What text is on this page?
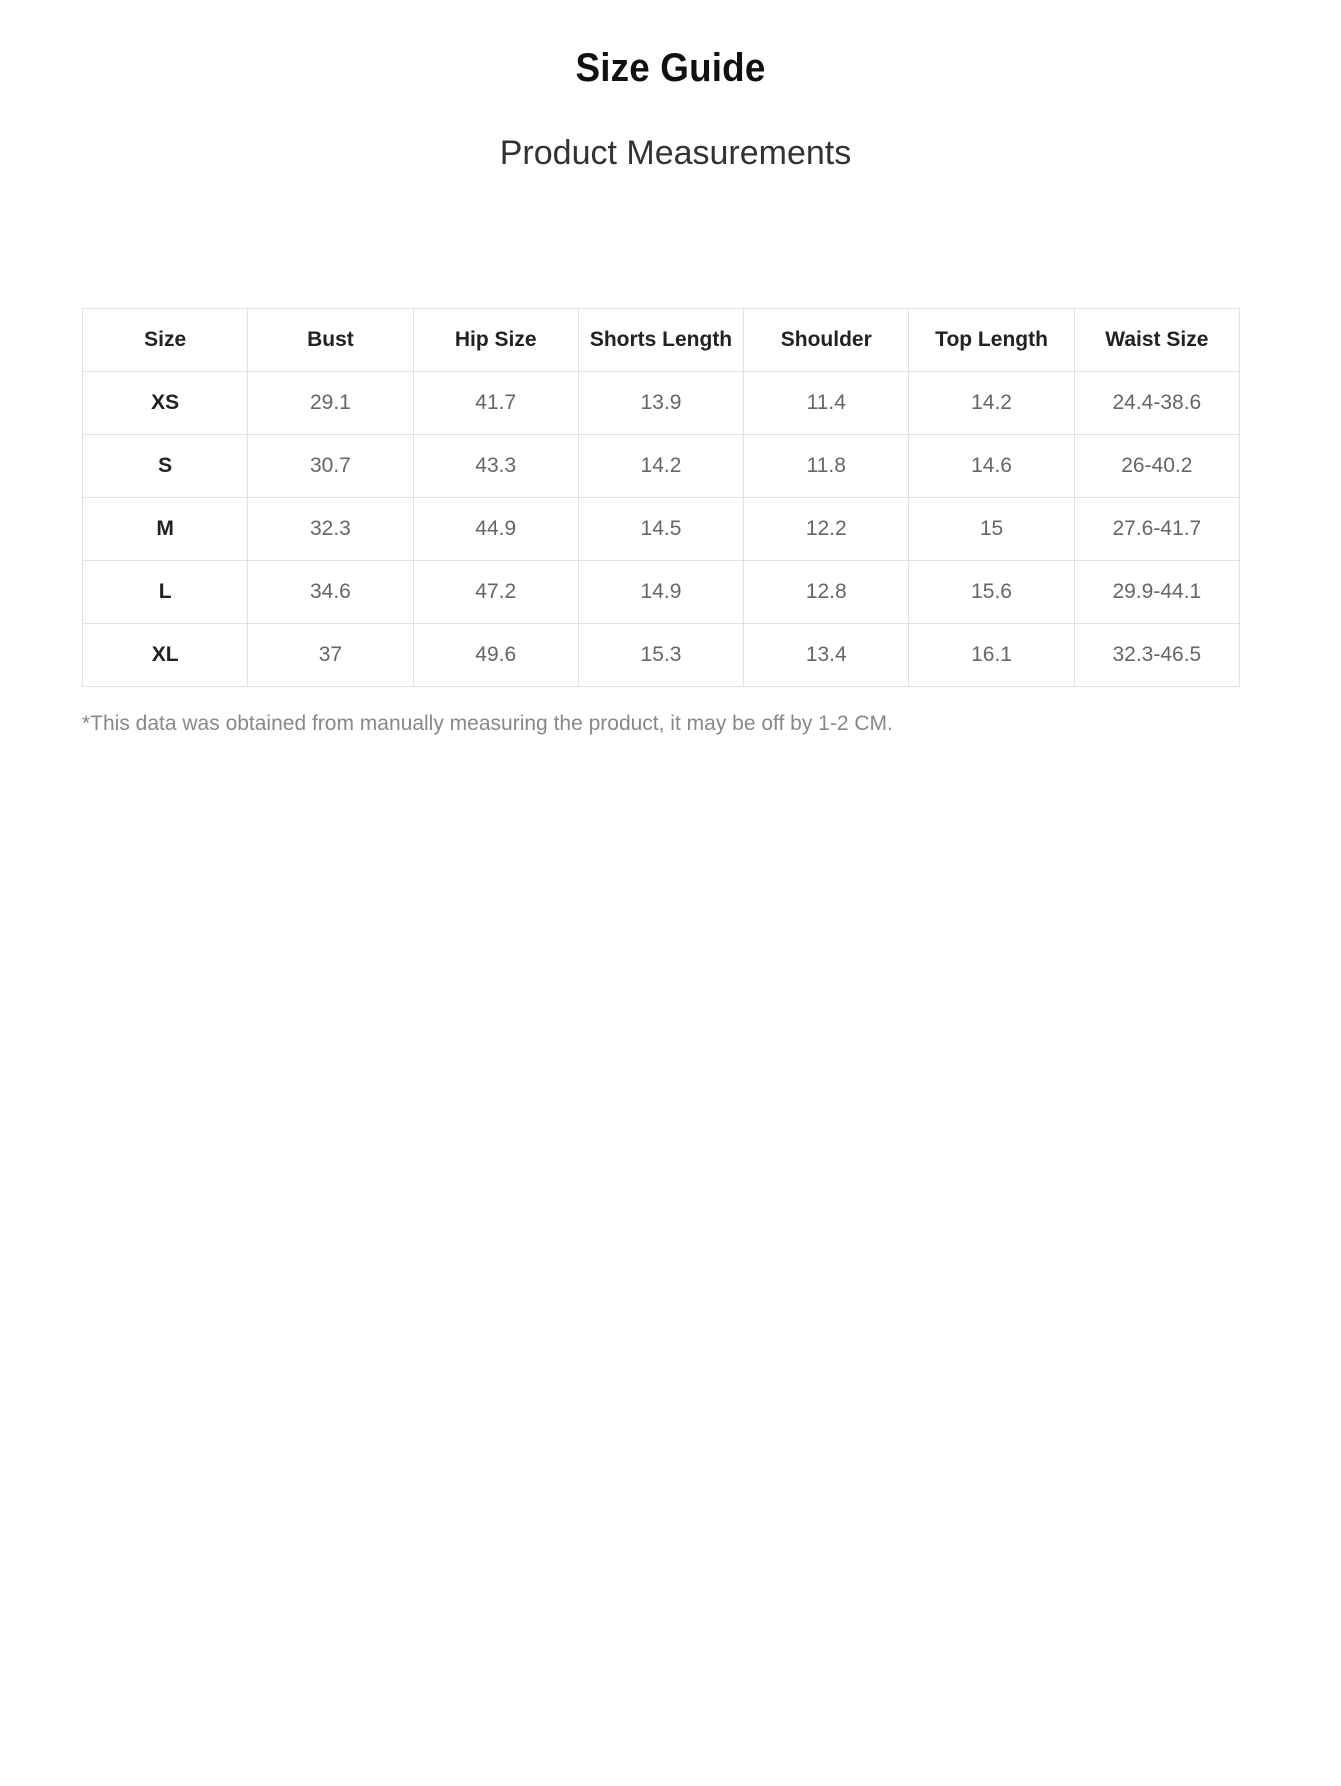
Size Guide
Product Measurements
Size	Bust	Hip Size	Shorts Length	Shoulder	Top Length	Waist Size
XS	29.1	41.7	13.9	11.4	14.2	24.4-38.6
S	30.7	43.3	14.2	11.8	14.6	26-40.2
M	32.3	44.9	14.5	12.2	15	27.6-41.7
L	34.6	47.2	14.9	12.8	15.6	29.9-44.1
XL	37	49.6	15.3	13.4	16.1	32.3-46.5
*This data was obtained from manually measuring the product, it may be off by 1-2 CM.
